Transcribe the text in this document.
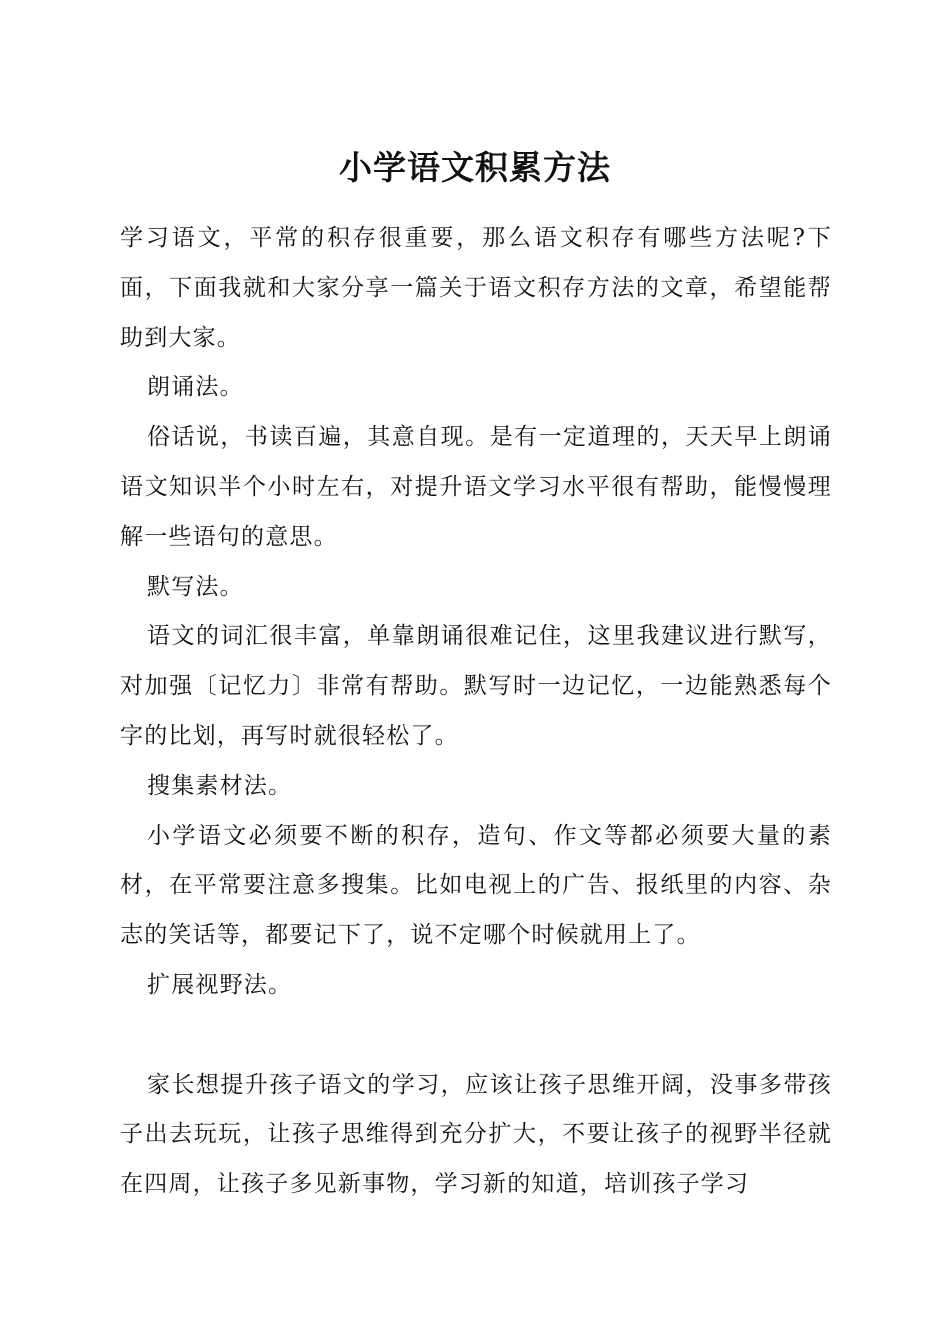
小学语文积累方法

学习语文，平常的积存很重要，那么语文积存有哪些方法呢?下面，下面我就和大家分享一篇关于语文积存方法的文章，希望能帮助到大家。

朗诵法。

俗话说，书读百遍，其意自现。是有一定道理的，天天早上朗诵语文知识半个小时左右，对提升语文学习水平很有帮助，能慢慢理解一些语句的意思。

默写法。

语文的词汇很丰富，单靠朗诵很难记住，这里我建议进行默写，对加强〔记忆力〕非常有帮助。默写时一边记忆，一边能熟悉每个字的比划，再写时就很轻松了。

搜集素材法。

小学语文必须要不断的积存，造句、作文等都必须要大量的素材，在平常要注意多搜集。比如电视上的广告、报纸里的内容、杂志的笑话等，都要记下了，说不定哪个时候就用上了。

扩展视野法。

家长想提升孩子语文的学习，应该让孩子思维开阔，没事多带孩子出去玩玩，让孩子思维得到充分扩大，不要让孩子的视野半径就在四周，让孩子多见新事物，学习新的知道，培训孩子学习
